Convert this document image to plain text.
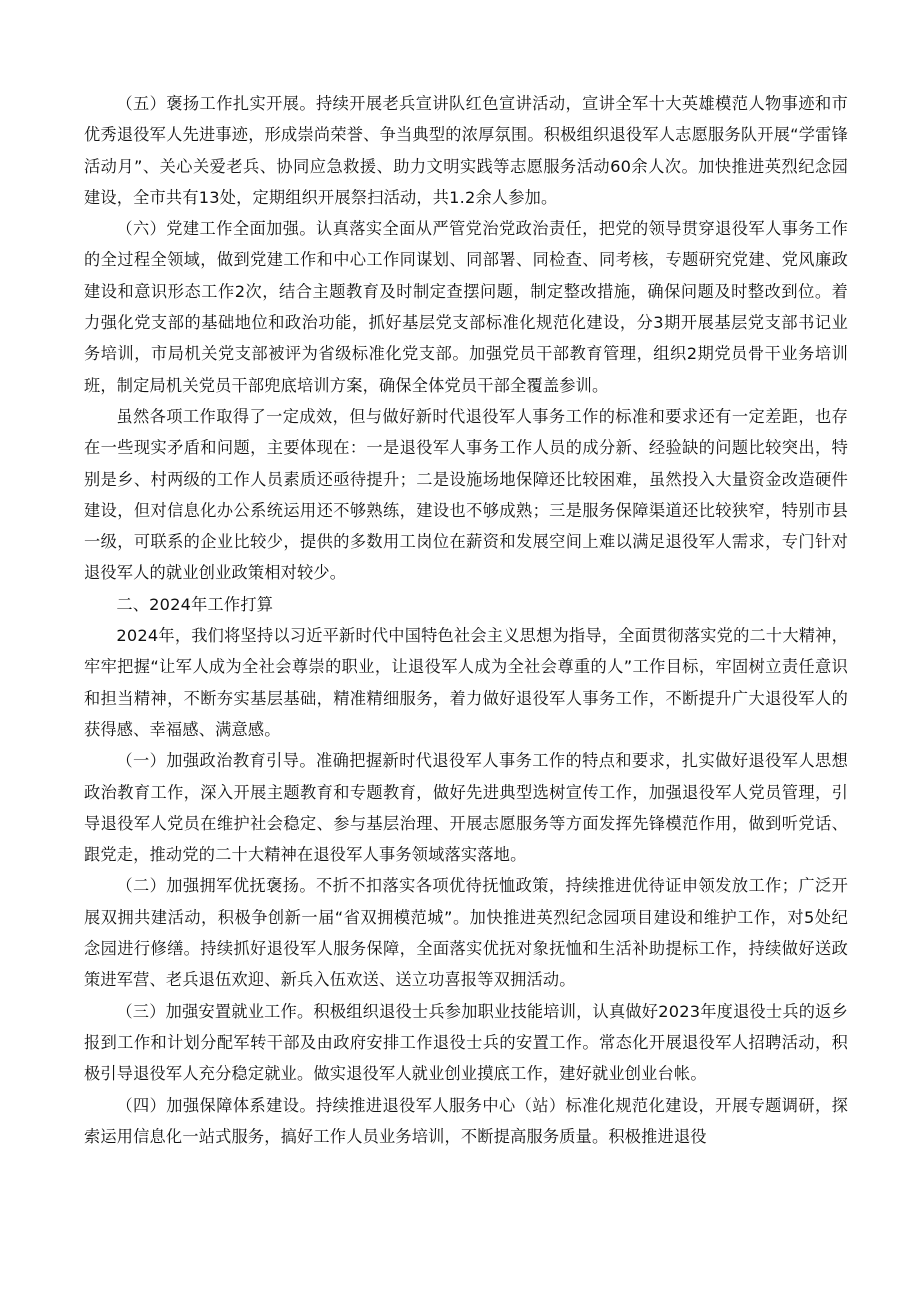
（五）褒扬工作扎实开展。持续开展老兵宣讲队红色宣讲活动，宣讲全军十大英雄模范人物事迹和市优秀退役军人先进事迹，形成崇尚荣誉、争当典型的浓厚氛围。积极组织退役军人志愿服务队开展“学雷锋活动月”、关心关爱老兵、协同应急救援、助力文明实践等志愿服务活动60余人次。加快推进英烈纪念园建设，全市共有13处，定期组织开展祭扫活动，共1.2余人参加。

（六）党建工作全面加强。认真落实全面从严管党治党政治责任，把党的领导贯穿退役军人事务工作的全过程全领域，做到党建工作和中心工作同谋划、同部署、同检查、同考核，专题研究党建、党风廉政建设和意识形态工作2次，结合主题教育及时制定查摆问题，制定整改措施，确保问题及时整改到位。着力强化党支部的基础地位和政治功能，抓好基层党支部标准化规范化建设，分3期开展基层党支部书记业务培训，市局机关党支部被评为省级标准化党支部。加强党员干部教育管理，组织2期党员骨干业务培训班，制定局机关党员干部兜底培训方案，确保全体党员干部全覆盖参训。

虽然各项工作取得了一定成效，但与做好新时代退役军人事务工作的标准和要求还有一定差距，也存在一些现实矛盾和问题，主要体现在：一是退役军人事务工作人员的成分新、经验缺的问题比较突出，特别是乡、村两级的工作人员素质还亟待提升；二是设施场地保障还比较困难，虽然投入大量资金改造硬件建设，但对信息化办公系统运用还不够熟练，建设也不够成熟；三是服务保障渠道还比较狭窄，特别市县一级，可联系的企业比较少，提供的多数用工岗位在薪资和发展空间上难以满足退役军人需求，专门针对退役军人的就业创业政策相对较少。

二、2024年工作打算

2024年，我们将坚持以习近平新时代中国特色社会主义思想为指导，全面贯彻落实党的二十大精神，牢牢把握“让军人成为全社会尊崇的职业，让退役军人成为全社会尊重的人”工作目标，牢固树立责任意识和担当精神，不断夯实基层基础，精准精细服务，着力做好退役军人事务工作，不断提升广大退役军人的获得感、幸福感、满意感。

（一）加强政治教育引导。准确把握新时代退役军人事务工作的特点和要求，扎实做好退役军人思想政治教育工作，深入开展主题教育和专题教育，做好先进典型选树宣传工作，加强退役军人党员管理，引导退役军人党员在维护社会稳定、参与基层治理、开展志愿服务等方面发挥先锋模范作用，做到听党话、跟党走，推动党的二十大精神在退役军人事务领域落实落地。

（二）加强拥军优抚褒扬。不折不扣落实各项优待抚恤政策，持续推进优待证申领发放工作；广泛开展双拥共建活动，积极争创新一届“省双拥模范城”。加快推进英烈纪念园项目建设和维护工作，对5处纪念园进行修缮。持续抓好退役军人服务保障，全面落实优抚对象抚恤和生活补助提标工作，持续做好送政策进军营、老兵退伍欢迎、新兵入伍欢送、送立功喜报等双拥活动。

（三）加强安置就业工作。积极组织退役士兵参加职业技能培训，认真做好2023年度退役士兵的返乡报到工作和计划分配军转干部及由政府安排工作退役士兵的安置工作。常态化开展退役军人招聘活动，积极引导退役军人充分稳定就业。做实退役军人就业创业摸底工作，建好就业创业台帐。

（四）加强保障体系建设。持续推进退役军人服务中心（站）标准化规范化建设，开展专题调研，探索运用信息化一站式服务，搞好工作人员业务培训，不断提高服务质量。积极推进退役
